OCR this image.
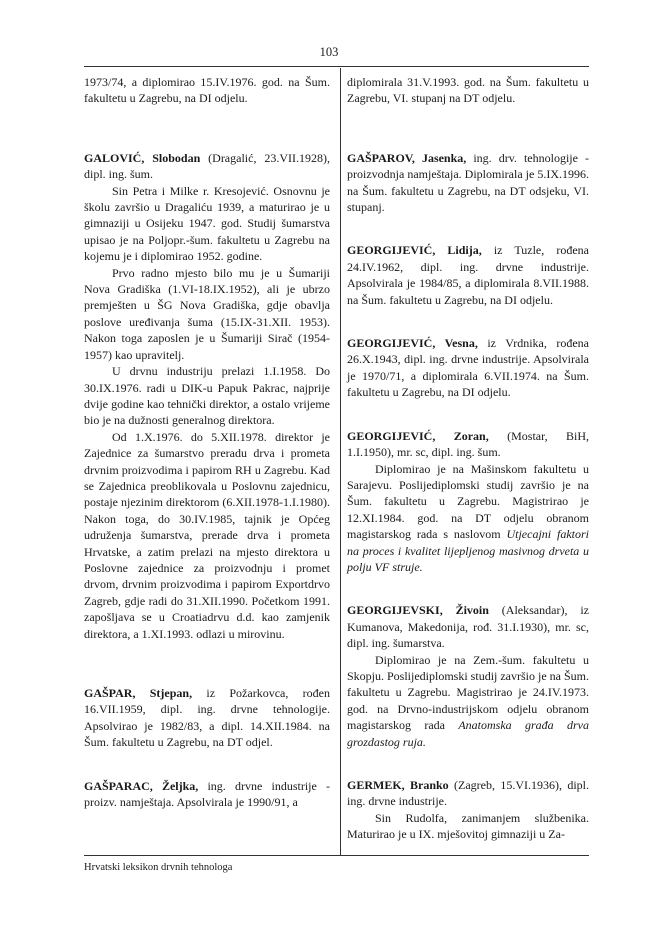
103

1973/74, a diplomirao 15.IV.1976. god. na Šum. fakultetu u Zagrebu, na DI odjelu.

GALOVIĆ, Slobodan (Dragalić, 23.VII.1928), dipl. ing. šum.

Sin Petra i Milke r. Kresojević. Osnovnu je školu završio u Dragaliću 1939, a maturirao je u gimnaziji u Osijeku 1947. god. Studij šumarstva upisao je na Poljopr.-šum. fakultetu u Zagrebu na kojemu je i diplomirao 1952. godine.

Prvo radno mjesto bilo mu je u Šumariji Nova Gradiška (1.VI-18.IX.1952), ali je ubrzo premješten u ŠG Nova Gradiška, gdje obavlja poslove uređivanja šuma (15.IX-31.XII. 1953). Nakon toga zaposlen je u Šumariji Sirač (1954-1957) kao upravitelj.

U drvnu industriju prelazi 1.I.1958. Do 30.IX.1976. radi u DIK-u Papuk Pakrac, najprije dvije godine kao tehnički direktor, a ostalo vrijeme bio je na dužnosti generalnog direktora.

Od 1.X.1976. do 5.XII.1978. direktor je Zajednice za šumarstvo preradu drva i prometa drvnim proizvodima i papirom RH u Zagrebu. Kad se Zajednica preoblikovala u Poslovnu zajednicu, postaje njezinim direktorom (6.XII.1978-1.I.1980). Nakon toga, do 30.IV.1985, tajnik je Općeg udruženja šumarstva, prerade drva i prometa Hrvatske, a zatim prelazi na mjesto direktora u Poslovne zajednice za proizvodnju i promet drvom, drvnim proizvodima i papirom Exportdrvo Zagreb, gdje radi do 31.XII.1990. Početkom 1991. zapošljava se u Croatiadrvu d.d. kao zamjenik direktora, a 1.XI.1993. odlazi u mirovinu.

GAŠPAR, Stjepan, iz Požarkovca, rođen 16.VII.1959, dipl. ing. drvne tehnologije. Apsolvirao je 1982/83, a dipl. 14.XII.1984. na Šum. fakultetu u Zagrebu, na DT odjel.

GAŠPARAC, Željka, ing. drvne industrije - proizv. namještaja. Apsolvirala je 1990/91, a

diplomirala 31.V.1993. god. na Šum. fakultetu u Zagrebu, VI. stupanj na DT odjelu.

GAŠPAROV, Jasenka, ing. drv. tehnologije - proizvodnja namještaja. Diplomirala je 5.IX.1996. na Šum. fakultetu u Zagrebu, na DT odsjeku, VI. stupanj.

GEORGIJEVIĆ, Lidija, iz Tuzle, rođena 24.IV.1962, dipl. ing. drvne industrije. Apsolvirala je 1984/85, a diplomirala 8.VII.1988. na Šum. fakultetu u Zagrebu, na DI odjelu.

GEORGIJEVIĆ, Vesna, iz Vrdnika, rođena 26.X.1943, dipl. ing. drvne industrije. Apsolvirala je 1970/71, a diplomirala 6.VII.1974. na Šum. fakultetu u Zagrebu, na DI odjelu.

GEORGIJEVIĆ, Zoran, (Mostar, BiH, 1.I.1950), mr. sc, dipl. ing. šum.

Diplomirao je na Mašinskom fakultetu u Sarajevu. Poslijediplomski studij završio je na Šum. fakultetu u Zagrebu. Magistrirao je 12.XI.1984. god. na DT odjelu obranom magistarskog rada s naslovom Utjecajni faktori na proces i kvalitet lijepljenog masivnog drveta u polju VF struje.

GEORGIJEVSKI, Živoin (Aleksandar), iz Kumanova, Makedonija, rođ. 31.I.1930), mr. sc, dipl. ing. šumarstva.

Diplomirao je na Zem.-šum. fakultetu u Skopju. Poslijediplomski studij završio je na Šum. fakultetu u Zagrebu. Magistrirao je 24.IV.1973. god. na Drvno-industrijskom odjelu obranom magistarskog rada Anatomska građa drva grozdastog ruja.

GERMEK, Branko (Zagreb, 15.VI.1936), dipl. ing. drvne industrije.

Sin Rudolfa, zanimanjem službenika. Maturirao je u IX. mješovitoj gimnaziji u Za-

Hrvatski leksikon drvnih tehnologa
